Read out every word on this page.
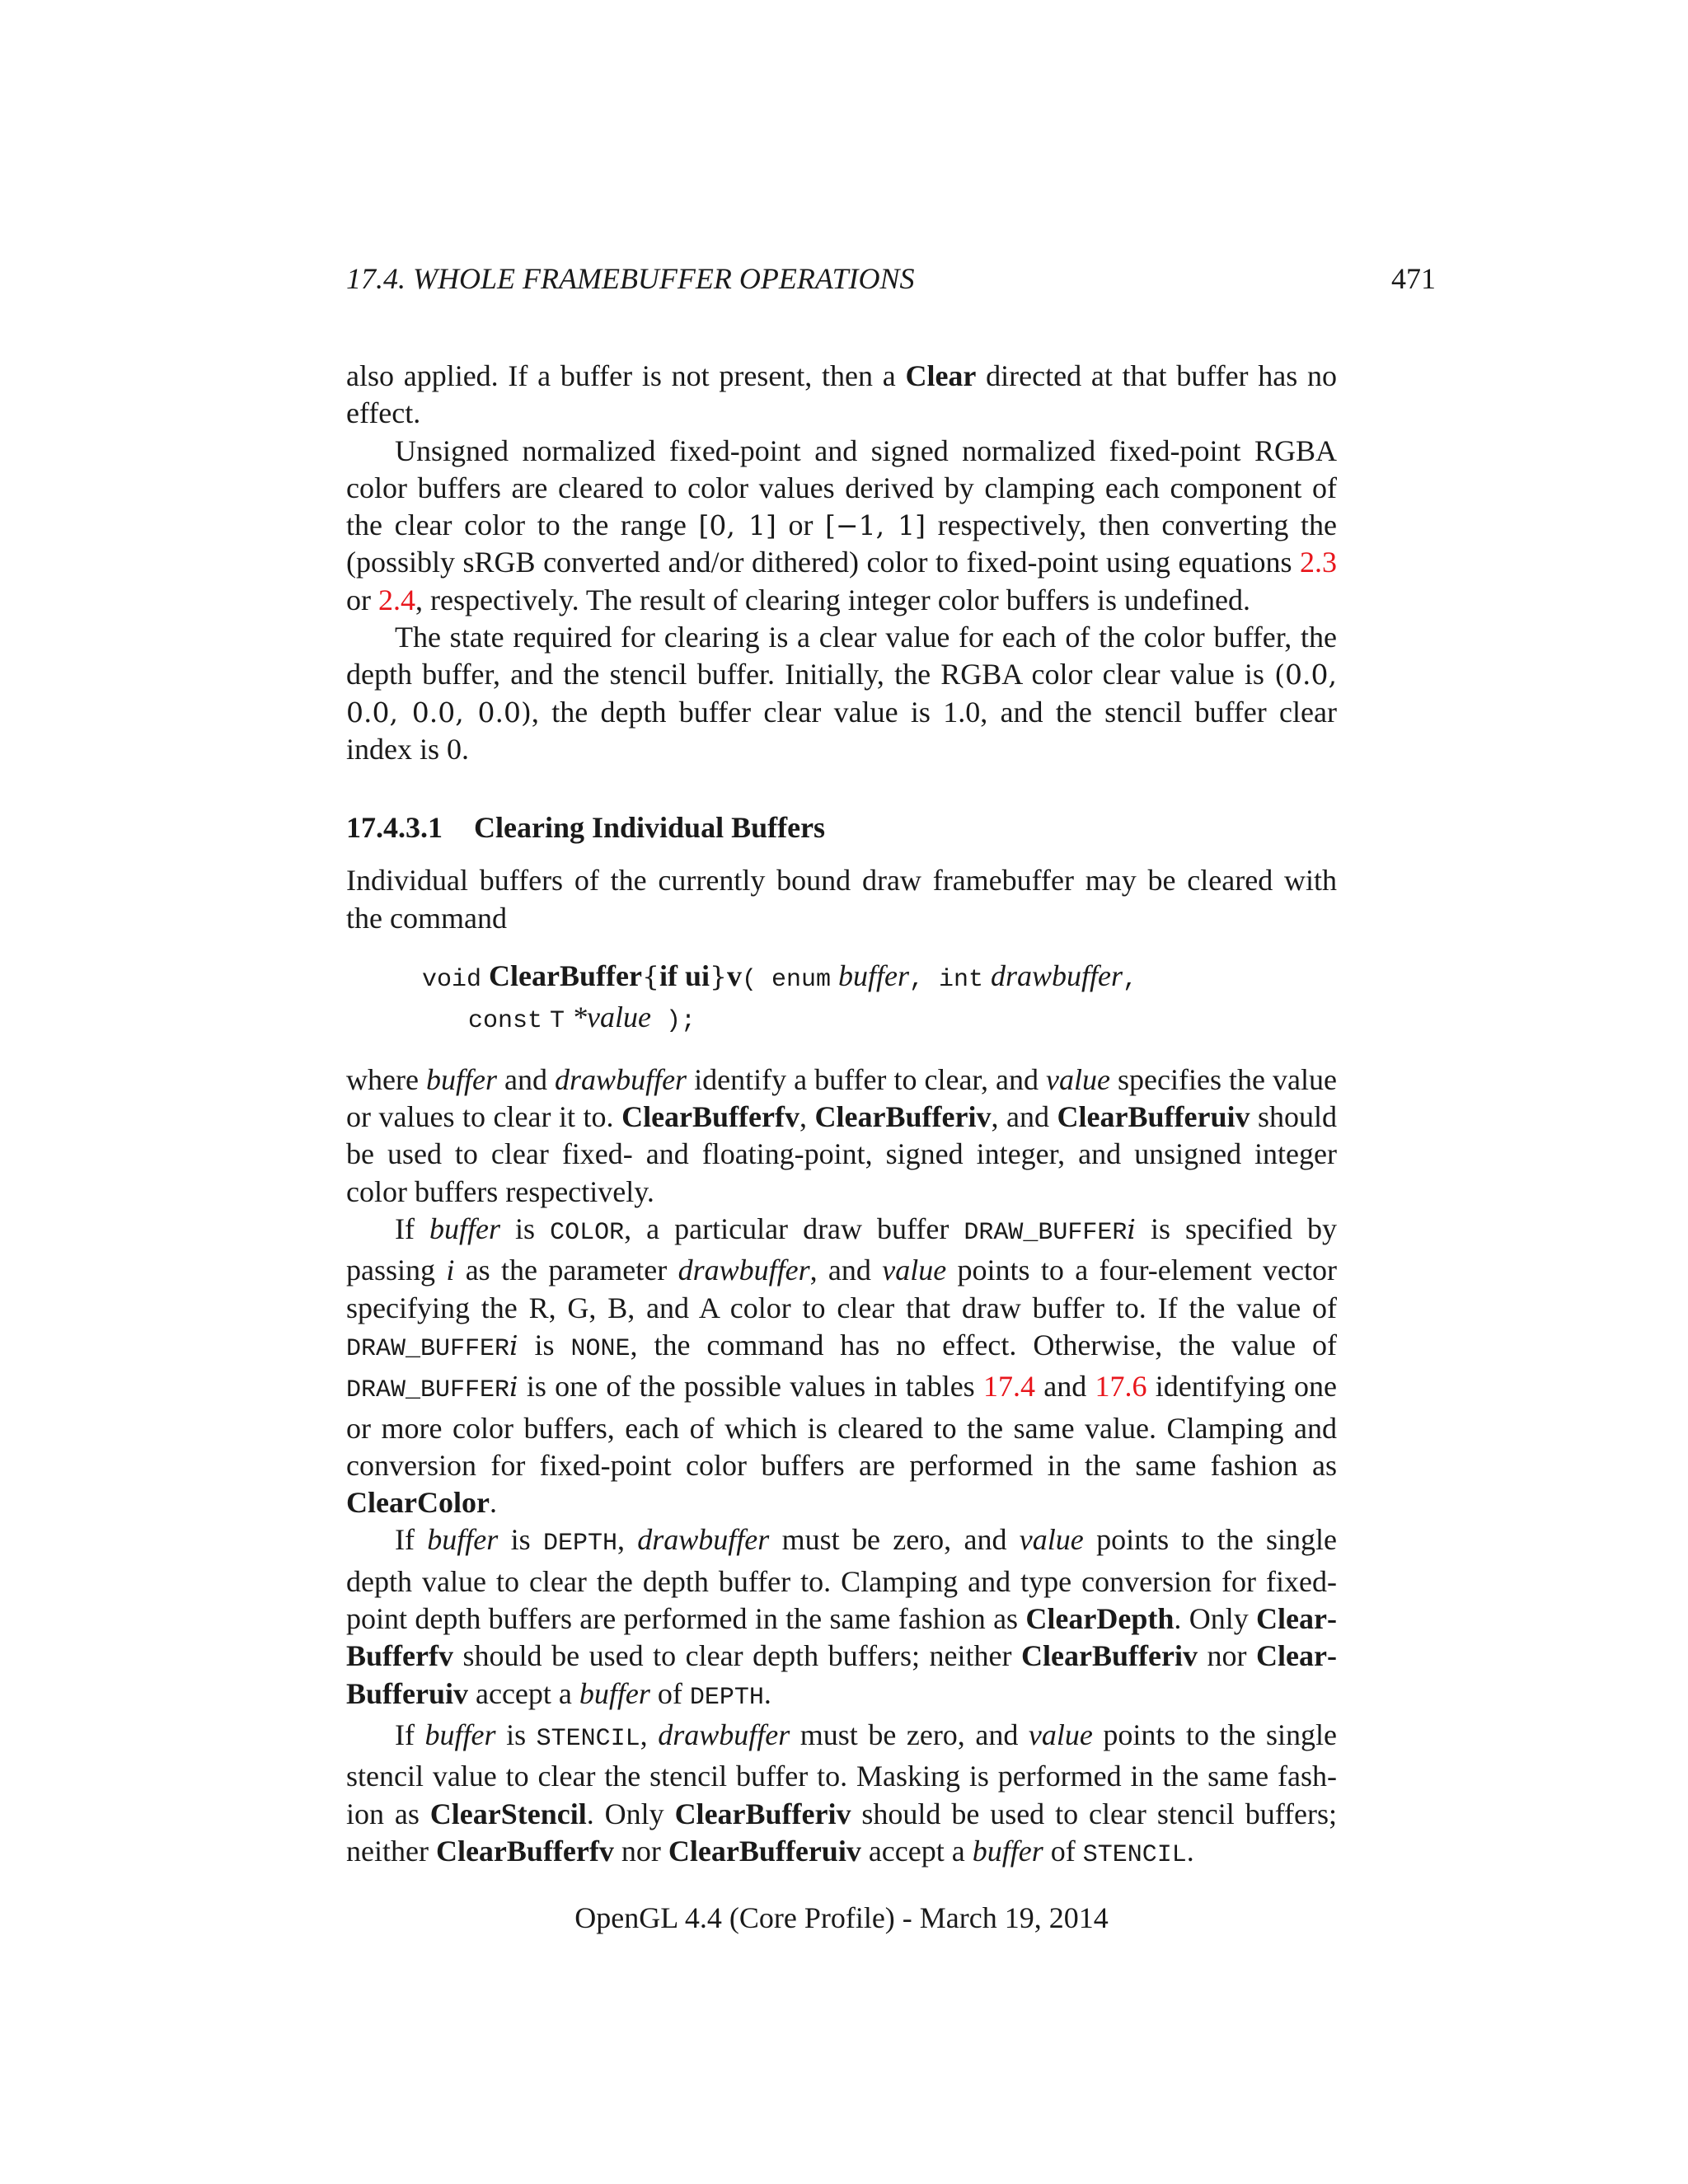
17.4. WHOLE FRAMEBUFFER OPERATIONS	471

also applied. If a buffer is not present, then a Clear directed at that buffer has no effect.

Unsigned normalized fixed-point and signed normalized fixed-point RGBA color buffers are cleared to color values derived by clamping each component of the clear color to the range [0, 1] or [−1, 1] respectively, then converting the (possibly sRGB converted and/or dithered) color to fixed-point using equations 2.3 or 2.4, respectively. The result of clearing integer color buffers is undefined.

The state required for clearing is a clear value for each of the color buffer, the depth buffer, and the stencil buffer. Initially, the RGBA color clear value is (0.0, 0.0, 0.0, 0.0), the depth buffer clear value is 1.0, and the stencil buffer clear index is 0.

17.4.3.1 Clearing Individual Buffers

Individual buffers of the currently bound draw framebuffer may be cleared with the command

void ClearBuffer{if ui}v( enum buffer, int drawbuffer,
const T *value );

where buffer and drawbuffer identify a buffer to clear, and value specifies the value or values to clear it to. ClearBufferfv, ClearBufferiv, and ClearBufferuiv should be used to clear fixed- and floating-point, signed integer, and unsigned integer color buffers respectively.

If buffer is COLOR, a particular draw buffer DRAW_BUFFERi is specified by passing i as the parameter drawbuffer, and value points to a four-element vector specifying the R, G, B, and A color to clear that draw buffer to. If the value of DRAW_BUFFERi is NONE, the command has no effect. Otherwise, the value of DRAW_BUFFERi is one of the possible values in tables 17.4 and 17.6 identifying one or more color buffers, each of which is cleared to the same value. Clamping and conversion for fixed-point color buffers are performed in the same fashion as ClearColor.

If buffer is DEPTH, drawbuffer must be zero, and value points to the single depth value to clear the depth buffer to. Clamping and type conversion for fixed-point depth buffers are performed in the same fashion as ClearDepth. Only ClearBufferfv should be used to clear depth buffers; neither ClearBufferiv nor ClearBufferuiv accept a buffer of DEPTH.

If buffer is STENCIL, drawbuffer must be zero, and value points to the single stencil value to clear the stencil buffer to. Masking is performed in the same fashion as ClearStencil. Only ClearBufferiv should be used to clear stencil buffers; neither ClearBufferfv nor ClearBufferuiv accept a buffer of STENCIL.

OpenGL 4.4 (Core Profile) - March 19, 2014
